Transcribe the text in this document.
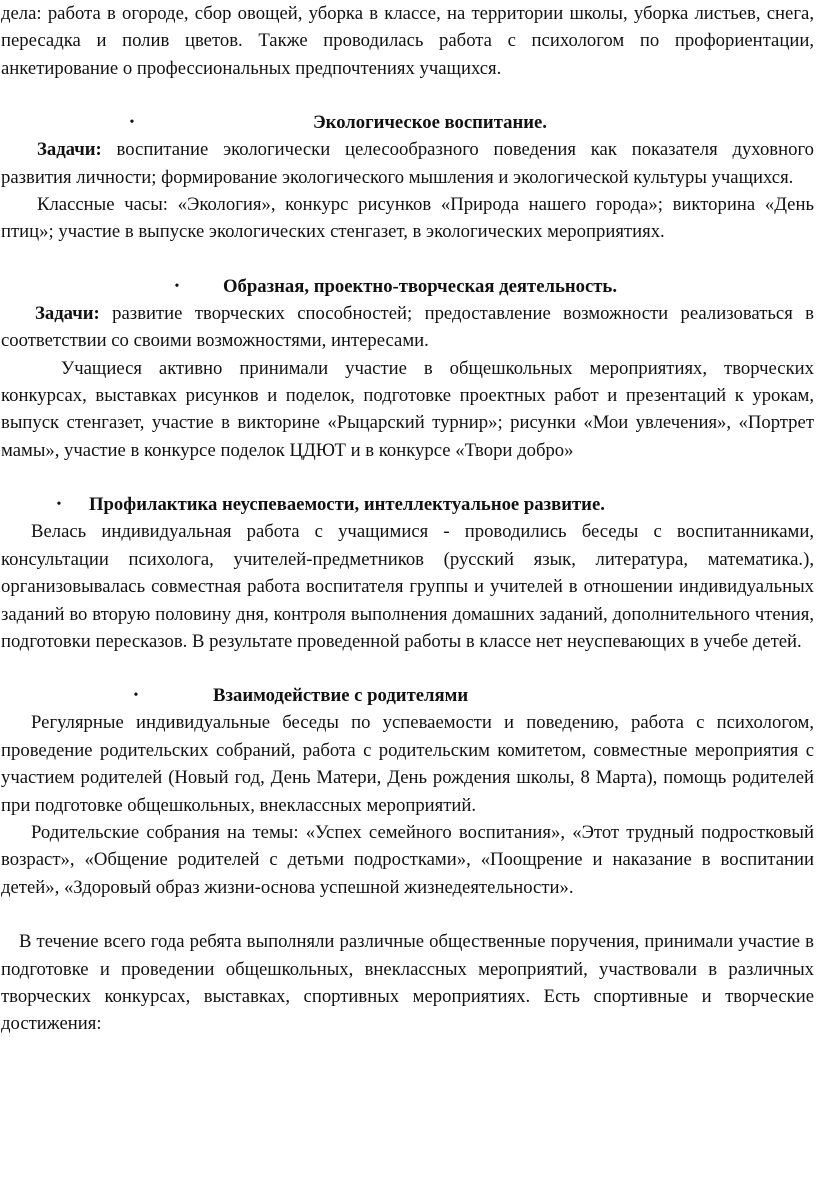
дела: работа в огороде, сбор овощей, уборка в классе, на территории школы, уборка листьев, снега, пересадка и полив цветов. Также проводилась работа с психологом по профориентации, анкетирование о профессиональных предпочтениях учащихся.

•	Экологическое воспитание.

Задачи: воспитание экологически целесообразного поведения как показателя духовного развития личности; формирование экологического мышления и экологической культуры учащихся.

Классные часы: «Экология», конкурс рисунков «Природа нашего города»; викторина «День птиц»; участие в выпуске экологических стенгазет, в экологических мероприятиях.

•	Образная, проектно-творческая деятельность.

Задачи: развитие творческих способностей; предоставление возможности реализоваться в соответствии со своими возможностями, интересами.

Учащиеся активно принимали участие в общешкольных мероприятиях, творческих конкурсах, выставках рисунков и поделок, подготовке проектных работ и презентаций к урокам, выпуск стенгазет, участие в викторине «Рыцарский турнир»; рисунки «Мои увлечения», «Портрет мамы», участие в конкурсе поделок ЦДЮТ и в конкурсе «Твори добро»

•	Профилактика неуспеваемости, интеллектуальное развитие.

Велась индивидуальная работа с учащимися - проводились беседы с воспитанниками, консультации психолога, учителей-предметников (русский язык, литература, математика.), организовывалась совместная работа воспитателя группы и учителей в отношении индивидуальных заданий во вторую половину дня, контроля выполнения домашних заданий, дополнительного чтения, подготовки пересказов. В результате проведенной работы в классе нет неуспевающих в учебе детей.

•	Взаимодействие с родителями

Регулярные индивидуальные беседы по успеваемости и поведению, работа с психологом, проведение родительских собраний, работа с родительским комитетом, совместные мероприятия с участием родителей (Новый год, День Матери, День рождения школы, 8 Марта), помощь родителей при подготовке общешкольных, внеклассных мероприятий.

Родительские собрания на темы: «Успех семейного воспитания», «Этот трудный подростковый возраст», «Общение родителей с детьми подростками», «Поощрение и наказание в воспитании детей», «Здоровый образ жизни-основа успешной жизнедеятельности».

В течение всего года ребята выполняли различные общественные поручения, принимали участие в подготовке и проведении общешкольных, внеклассных мероприятий, участвовали в различных творческих конкурсах, выставках, спортивных мероприятиях. Есть спортивные и творческие достижения:
